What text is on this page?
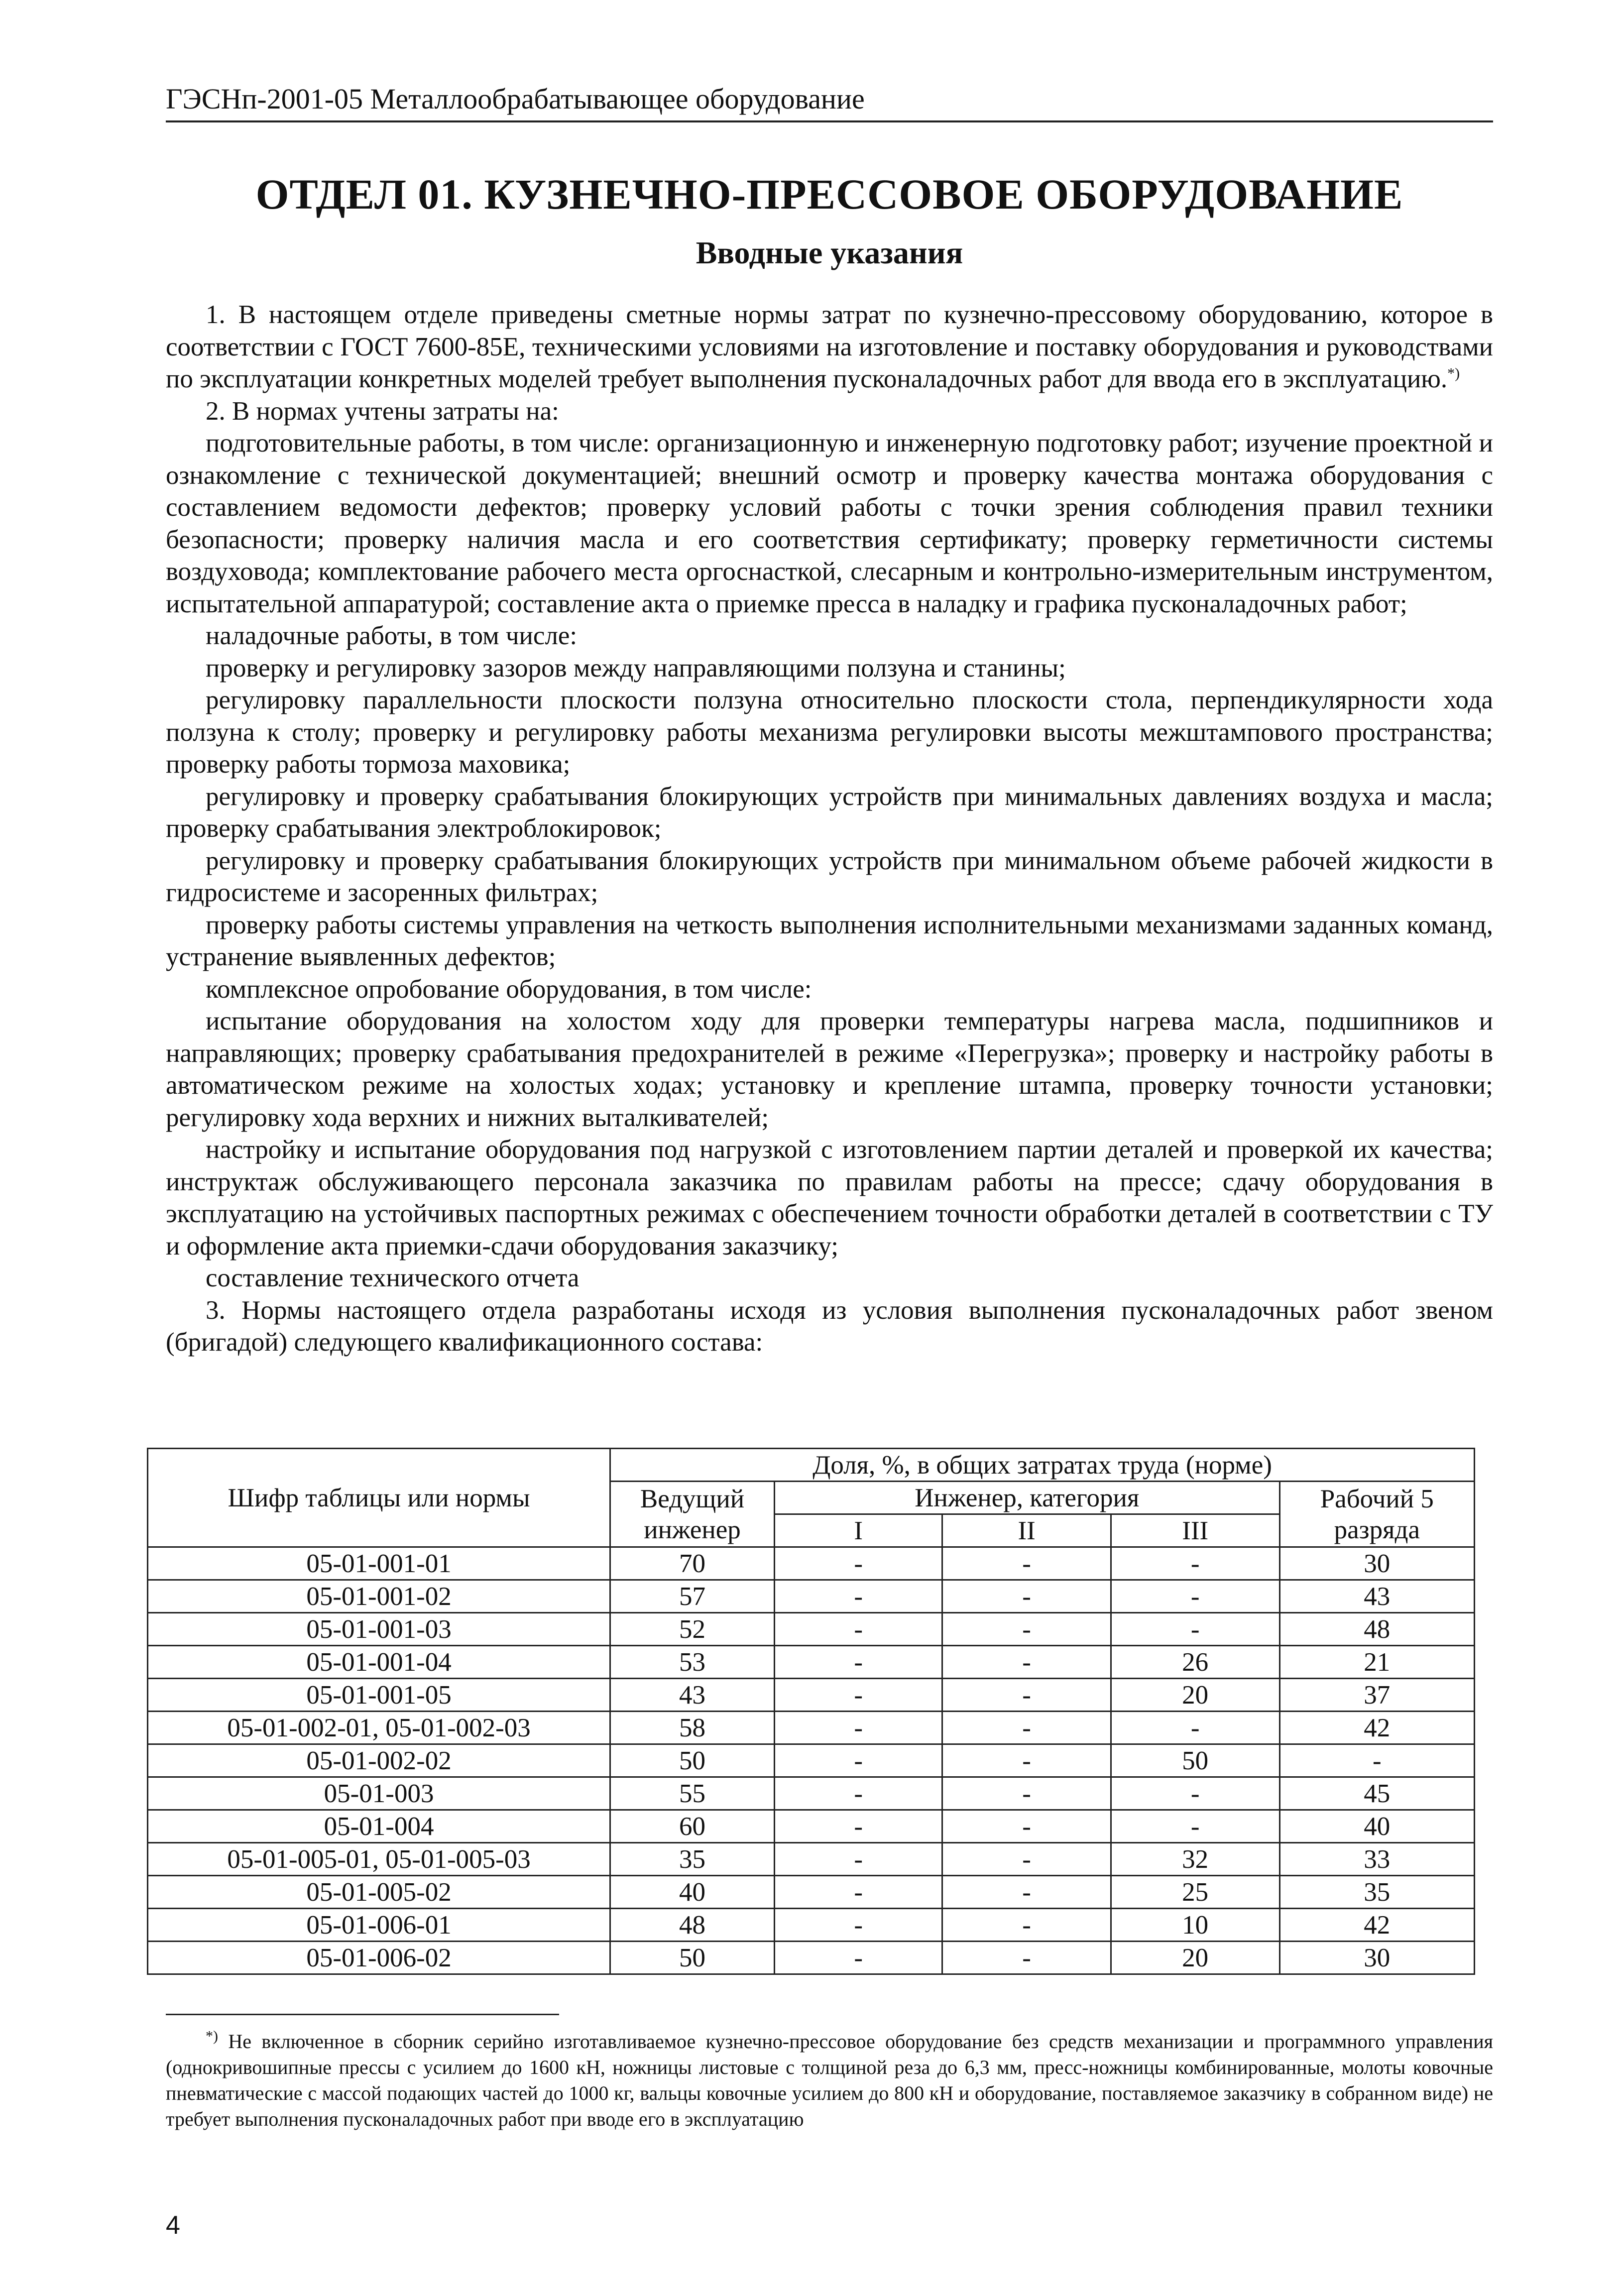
ГЭСНп-2001-05 Металлообрабатывающее оборудование
ОТДЕЛ 01. КУЗНЕЧНО-ПРЕССОВОЕ ОБОРУДОВАНИЕ
Вводные указания

1. В настоящем отделе приведены сметные нормы затрат по кузнечно-прессовому оборудованию, которое в соответствии с ГОСТ 7600-85Е, техническими условиями на изготовление и поставку оборудования и руководствами по эксплуатации конкретных моделей требует выполнения пусконаладочных работ для ввода его в эксплуатацию.*)

2. В нормах учтены затраты на:

подготовительные работы, в том числе: организационную и инженерную подготовку работ; изучение проектной и ознакомление с технической документацией; внешний осмотр и проверку качества монтажа оборудования с составлением ведомости дефектов; проверку условий работы с точки зрения соблюдения правил техники безопасности; проверку наличия масла и его соответствия сертификату; проверку герметичности системы воздуховода; комплектование рабочего места оргоснасткой, слесарным и контрольно-измерительным инструментом, испытательной аппаратурой; составление акта о приемке пресса в наладку и графика пусконаладочных работ;

наладочные работы, в том числе:

проверку и регулировку зазоров между направляющими ползуна и станины;

регулировку параллельности плоскости ползуна относительно плоскости стола, перпендикулярности хода ползуна к столу; проверку и регулировку работы механизма регулировки высоты межштампового пространства; проверку работы тормоза маховика;

регулировку и проверку срабатывания блокирующих устройств при минимальных давлениях воздуха и масла; проверку срабатывания электроблокировок;

регулировку и проверку срабатывания блокирующих устройств при минимальном объеме рабочей жидкости в гидросистеме и засоренных фильтрах;

проверку работы системы управления на четкость выполнения исполнительными механизмами заданных команд, устранение выявленных дефектов;

комплексное опробование оборудования, в том числе:

испытание оборудования на холостом ходу для проверки температуры нагрева масла, подшипников и направляющих; проверку срабатывания предохранителей в режиме «Перегрузка»; проверку и настройку работы в автоматическом режиме на холостых ходах; установку и крепление штампа, проверку точности установки; регулировку хода верхних и нижних выталкивателей;

настройку и испытание оборудования под нагрузкой с изготовлением партии деталей и проверкой их качества; инструктаж обслуживающего персонала заказчика по правилам работы на прессе; сдачу оборудования в эксплуатацию на устойчивых паспортных режимах с обеспечением точности обработки деталей в соответствии с ТУ и оформление акта приемки-сдачи оборудования заказчику;

составление технического отчета

3. Нормы настоящего отдела разработаны исходя из условия выполнения пусконаладочных работ звеном (бригадой) следующего квалификационного состава:

Шифр таблицы или нормы	Доля, %, в общих затратах труда (норме)				
	Ведущий инженер	Инженер, категория			Рабочий 5 разряда
		I	II	III	
05-01-001-01	70	-	-	-	30
05-01-001-02	57	-	-	-	43
05-01-001-03	52	-	-	-	48
05-01-001-04	53	-	-	26	21
05-01-001-05	43	-	-	20	37
05-01-002-01, 05-01-002-03	58	-	-	-	42
05-01-002-02	50	-	-	50	-
05-01-003	55	-	-	-	45
05-01-004	60	-	-	-	40
05-01-005-01, 05-01-005-03	35	-	-	32	33
05-01-005-02	40	-	-	25	35
05-01-006-01	48	-	-	10	42
05-01-006-02	50	-	-	20	30

*) Не включенное в сборник серийно изготавливаемое кузнечно-прессовое оборудование без средств механизации и программного управления (однокривошипные прессы с усилием до 1600 кН, ножницы листовые с толщиной реза до 6,3 мм, пресс-ножницы комбинированные, молоты ковочные пневматические с массой подающих частей до 1000 кг, вальцы ковочные усилием до 800 кН и оборудование, поставляемое заказчику в собранном виде) не требует выполнения пусконаладочных работ при вводе его в эксплуатацию

4
